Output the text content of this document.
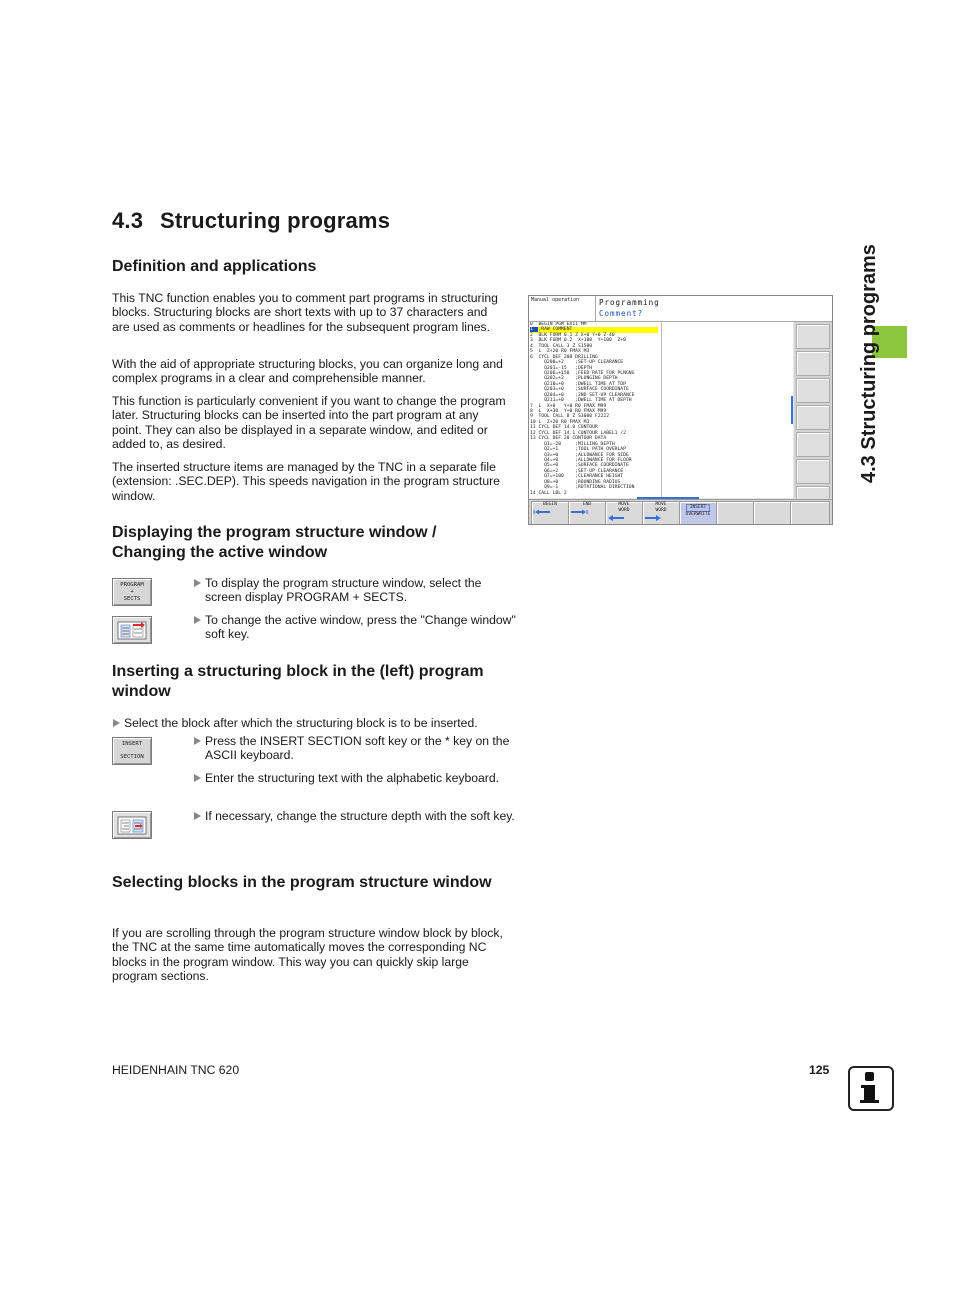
4.3 Structuring programs
4.3 Structuring programs
Definition and applications

This TNC function enables you to comment part programs in structuring blocks. Structuring blocks are short texts with up to 37 characters and are used as comments or headlines for the subsequent program lines.

With the aid of appropriate structuring blocks, you can organize long and complex programs in a clear and comprehensible manner.

This function is particularly convenient if you want to change the program later. Structuring blocks can be inserted into the part program at any point. They can also be displayed in a separate window, and edited or added to, as desired.

The inserted structure items are managed by the TNC in a separate file (extension: .SEC.DEP). This speeds navigation in the program structure window.

Displaying the program structure window / Changing the active window
PROGRAM
+
SECTS
To display the program structure window, select the screen display PROGRAM + SECTS.
To change the active window, press the "Change window" soft key.
Inserting a structuring block in the (left) program window
Select the block after which the structuring block is to be inserted.
INSERT
SECTION
Press the INSERT SECTION soft key or the * key on the ASCII keyboard.
Enter the structuring text with the alphabetic keyboard.
If necessary, change the structure depth with the soft key.
Selecting blocks in the program structure window

If you are scrolling through the program structure window block by block, the TNC at the same time automatically moves the corresponding NC blocks in the program window. This way you can quickly skip large program sections.

Manual operation	Programming
Comment?
0  BEGIN PGM EX11 MM
1  ;RAW COMMENT
2  BLK FORM 0.1 Z X+0 Y+0 Z-40
3  BLK FORM 0.2  X+100  Y+100  Z+0
4  TOOL CALL 3 Z S1500
5  L  Z+20 R0 FMAX M3
6  CYCL DEF 200 DRILLING
Q200=+2    ;SET-UP CLEARANCE
Q201=-15   ;DEPTH
Q206=+150  ;FEED RATE FOR PLNGNG
Q202=+2    ;PLUNGING DEPTH
Q210=+0    ;DWELL TIME AT TOP
Q203=+0    ;SURFACE COORDINATE
Q204=+0    ;2ND SET-UP CLEARANCE
Q211=+0    ;DWELL TIME AT DEPTH
7  L  X+0   Y+0 R0 FMAX M99
8  L  X+30  Y+0 R0 FMAX M99
9  TOOL CALL 8 Z S3000 F2222
10 L  Z+20 R0 FMAX M3
11 CYCL DEF 14.0 CONTOUR
12 CYCL DEF 14.1 CONTOUR LABEL1 /2
13 CYCL DEF 20 CONTOUR DATA
Q1=-20     ;MILLING DEPTH
Q2=+1      ;TOOL PATH OVERLAP
Q3=+0      ;ALLOWANCE FOR SIDE
Q4=+0      ;ALLOWANCE FOR FLOOR
Q5=+0      ;SURFACE COORDINATE
Q6=+2      ;SET-UP CLEARANCE
Q7=+100    ;CLEARANCE HEIGHT
Q8=+0      ;ROUNDING RADIUS
Q9=-1      ;ROTATIONAL DIRECTION
14 CALL LBL 2
BEGIN	END	MOVE
WORD
MOVE
WORD
INSERT
OVERWRITE
HEIDENHAIN TNC 620	125
